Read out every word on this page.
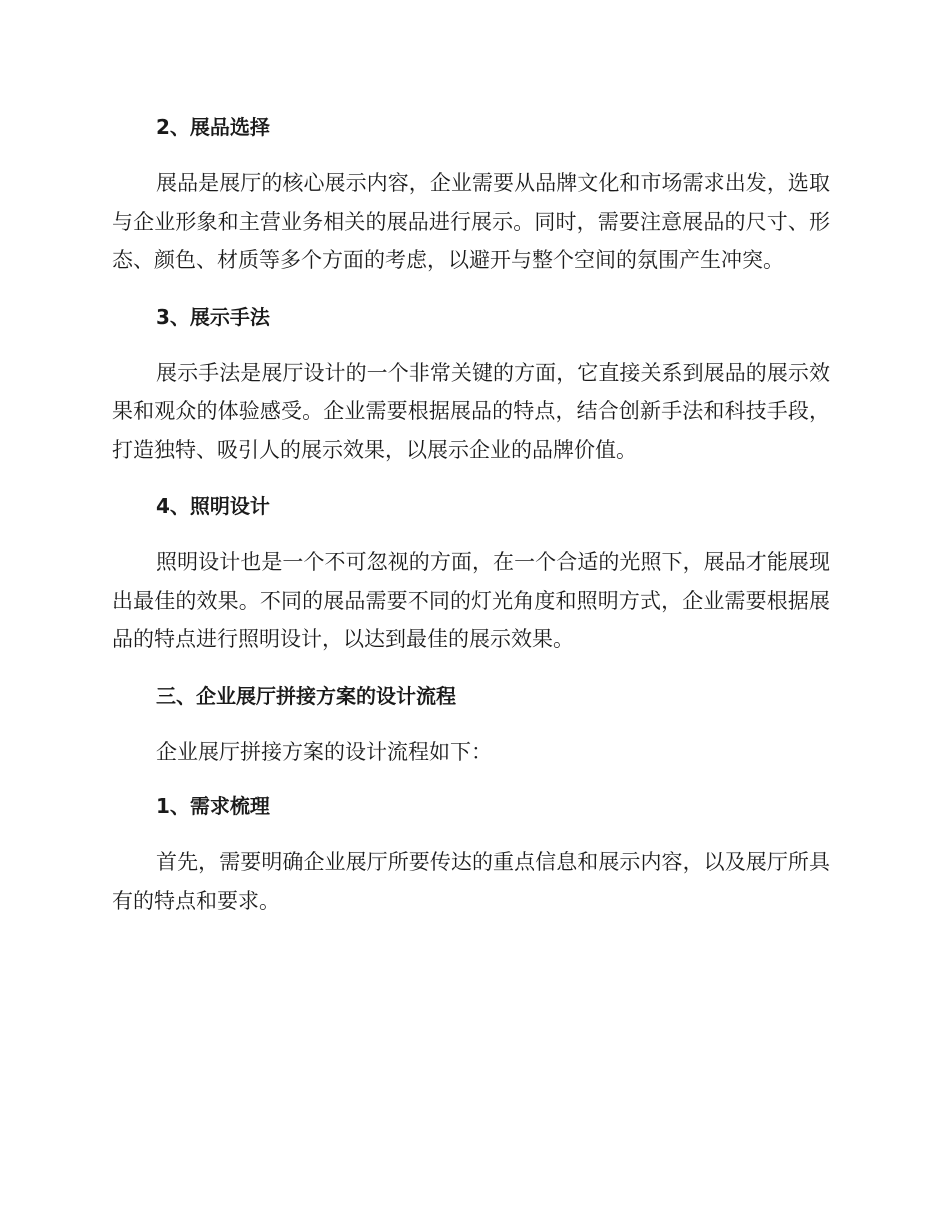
2、展品选择

展品是展厅的核心展示内容，企业需要从品牌文化和市场需求出发，选取与企业形象和主营业务相关的展品进行展示。同时，需要注意展品的尺寸、形态、颜色、材质等多个方面的考虑，以避开与整个空间的氛围产生冲突。

3、展示手法

展示手法是展厅设计的一个非常关键的方面，它直接关系到展品的展示效果和观众的体验感受。企业需要根据展品的特点，结合创新手法和科技手段，打造独特、吸引人的展示效果，以展示企业的品牌价值。

4、照明设计

照明设计也是一个不可忽视的方面，在一个合适的光照下，展品才能展现出最佳的效果。不同的展品需要不同的灯光角度和照明方式，企业需要根据展品的特点进行照明设计，以达到最佳的展示效果。

三、企业展厅拼接方案的设计流程

企业展厅拼接方案的设计流程如下：

1、需求梳理

首先，需要明确企业展厅所要传达的重点信息和展示内容，以及展厅所具有的特点和要求。
